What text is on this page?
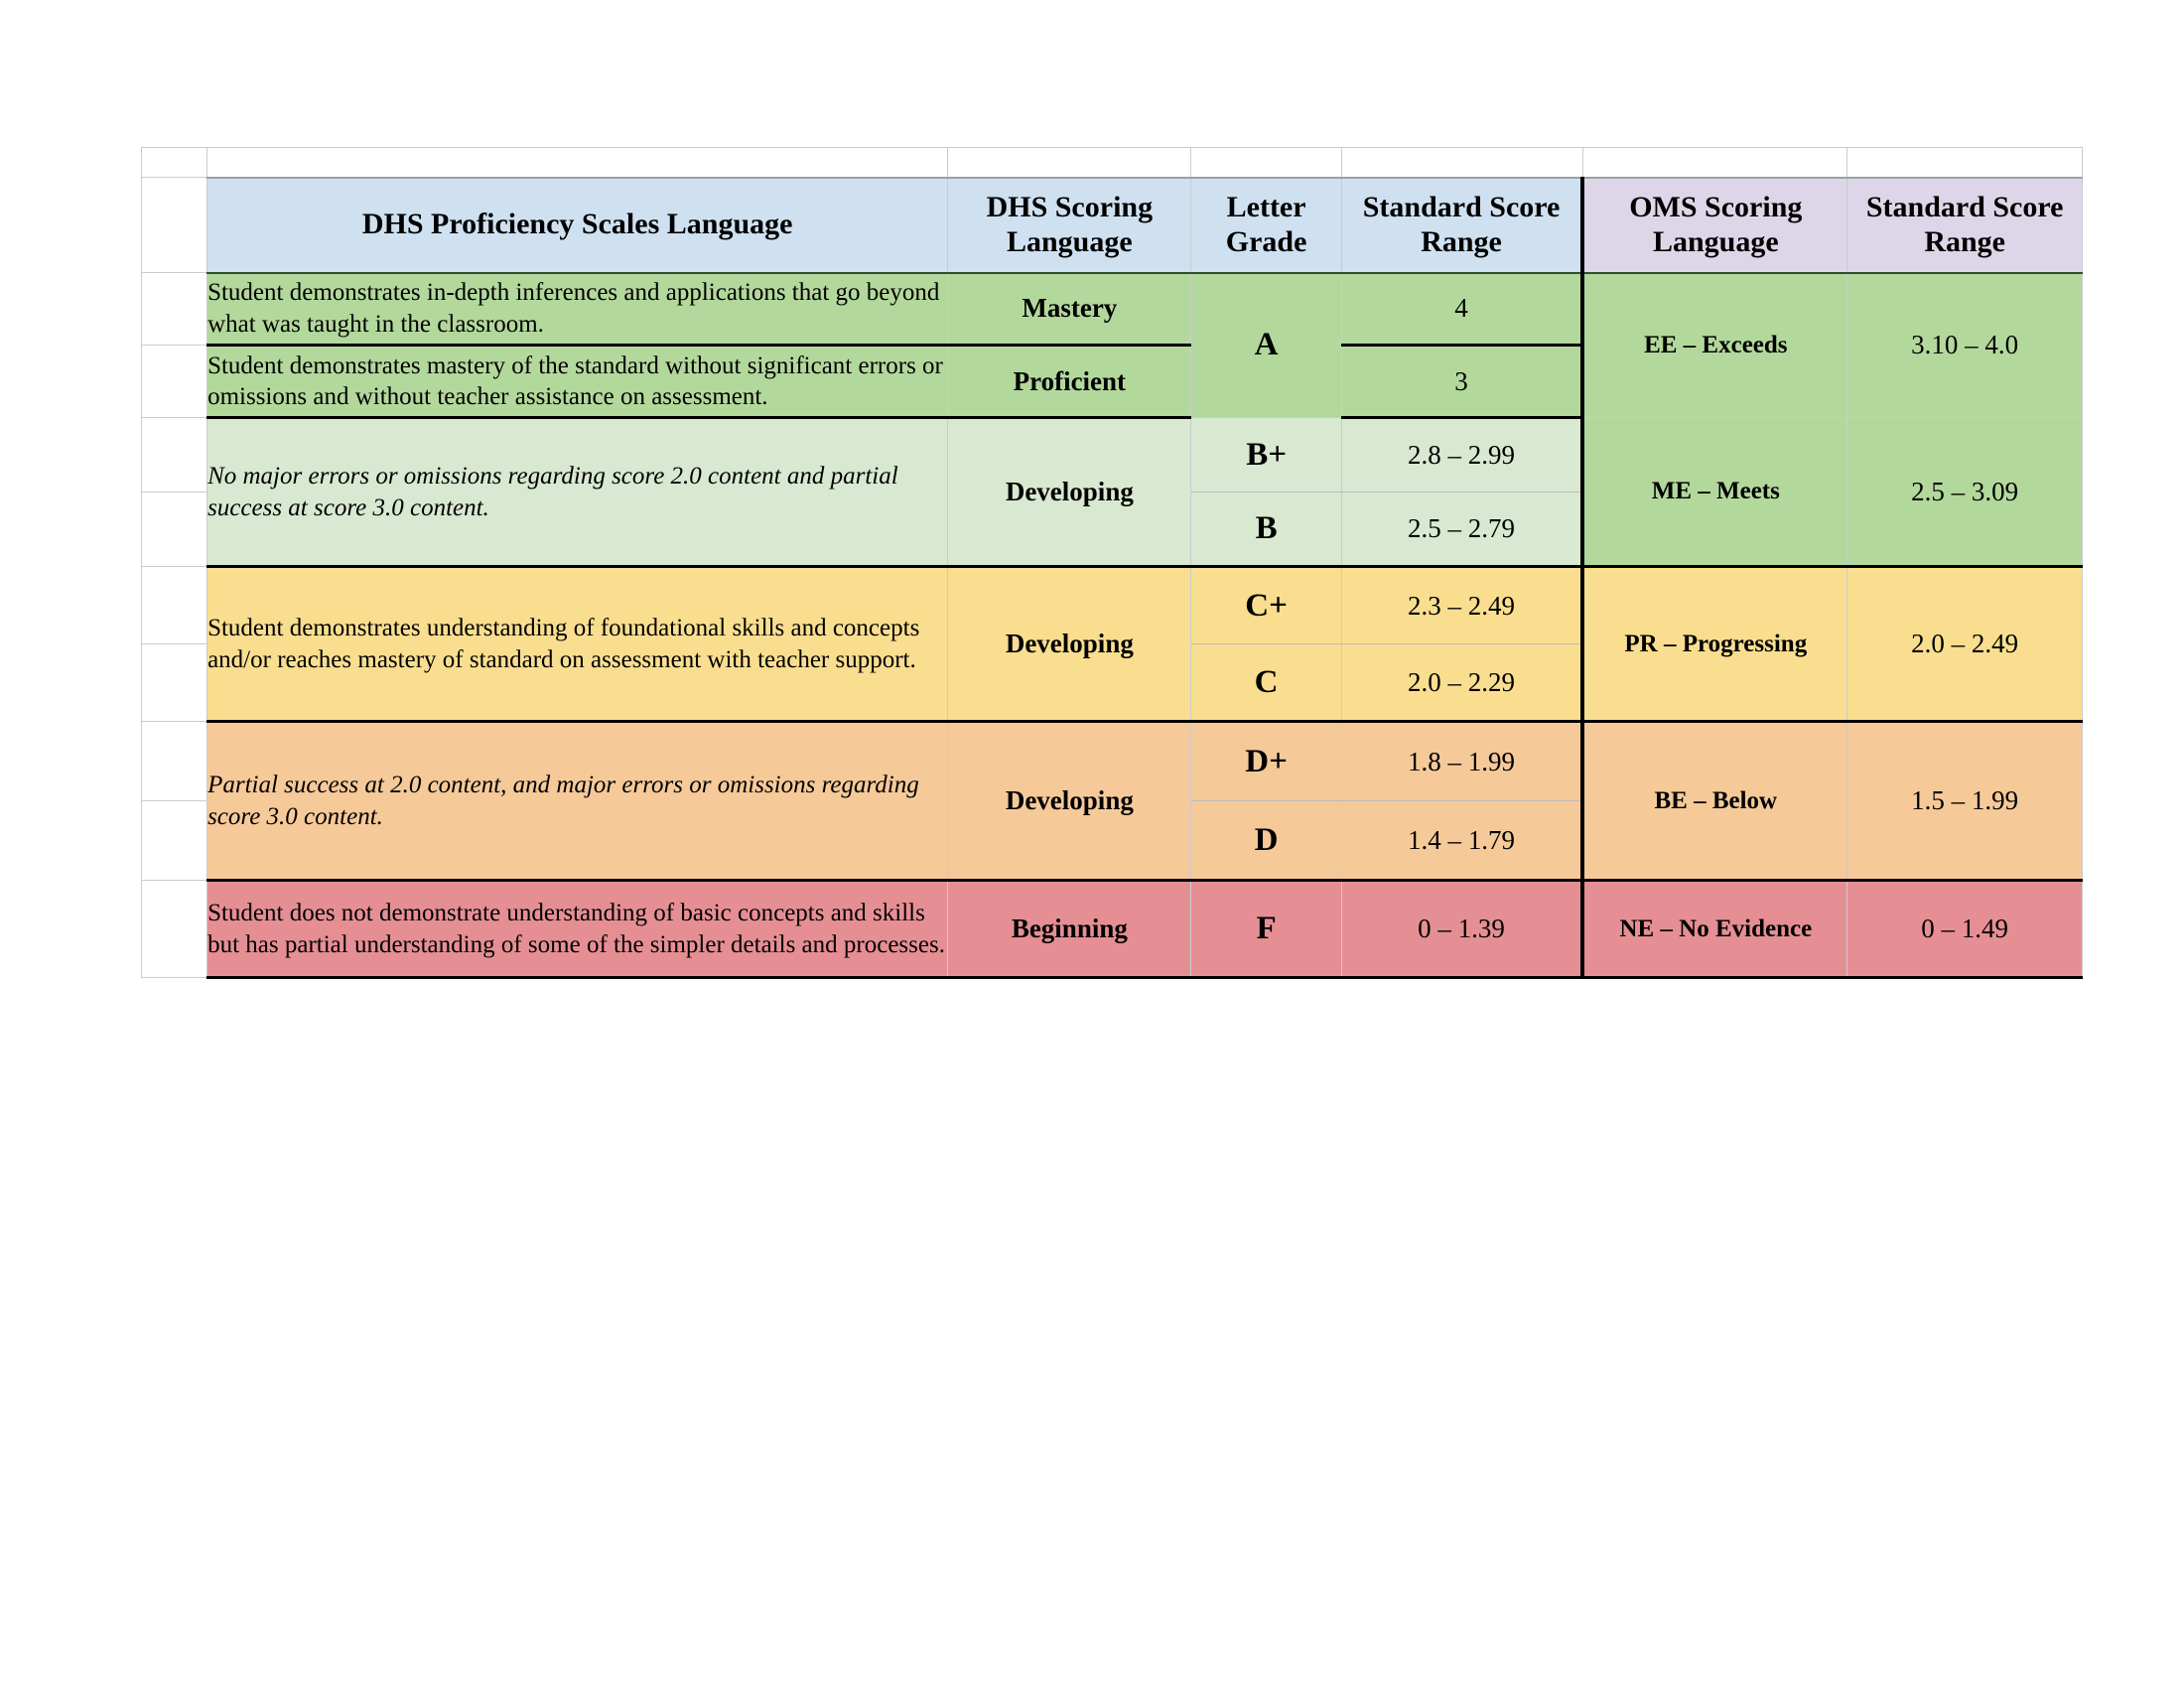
	DHS Proficiency Scales Language	DHS Scoring Language	Letter Grade	Standard Score Range	OMS Scoring Language	Standard Score Range
	Student demonstrates in-depth inferences and applications that go beyond what was taught in the classroom.	Mastery	A	4	EE – Exceeds	3.10 – 4.0
	Student demonstrates mastery of the standard without significant errors or omissions and without teacher assistance on assessment.	Proficient		3		
	No major errors or omissions regarding score 2.0 content and partial success at score 3.0 content.	Developing	B+	2.8 – 2.99	ME – Meets	2.5 – 3.09
			B	2.5 – 2.79		
	Student demonstrates understanding of foundational skills and concepts and/or reaches mastery of standard on assessment with teacher support.	Developing	C+	2.3 – 2.49	PR – Progressing	2.0 – 2.49
			C	2.0 – 2.29		
	Partial success at 2.0 content, and major errors or omissions regarding score 3.0 content.	Developing	D+	1.8 – 1.99	BE – Below	1.5 – 1.99
			D	1.4 – 1.79		
	Student does not demonstrate understanding of basic concepts and skills but has partial understanding of some of the simpler details and processes.	Beginning	F	0 – 1.39	NE – No Evidence	0 – 1.49
